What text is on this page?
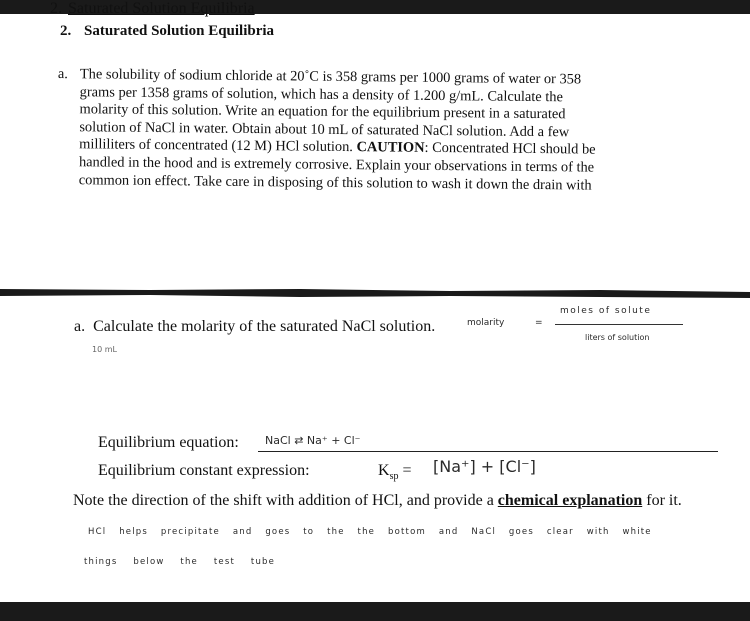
2. Saturated Solution Equilibria
a. The solubility of sodium chloride at 20˚C is 358 grams per 1000 grams of water or 358
grams per 1358 grams of solution, which has a density of 1.200 g/mL. Calculate the
molarity of this solution. Write an equation for the equilibrium present in a saturated
solution of NaCl in water. Obtain about 10 mL of saturated NaCl solution. Add a few
milliliters of concentrated (12 M) HCl solution. CAUTION: Concentrated HCl should be
handled in the hood and is extremely corrosive. Explain your observations in terms of the
common ion effect. Take care in disposing of this solution to wash it down the drain with
2. Saturated Solution Equilibria
a. Calculate the molarity of the saturated NaCl solution.	molarity	=
moles of solute
liters of solution
10 mL
Equilibrium equation: NaCl ⇄ Na⁺ + Cl⁻
Equilibrium constant expression:	$K_{sp} = [Na^+] + [Cl^-]$
Note the direction of the shift with addition of HCl, and provide a chemical explanation for it.
HCl helps precipitate and goes to the the bottom and NaCl goes clear with white
things below the test tube
